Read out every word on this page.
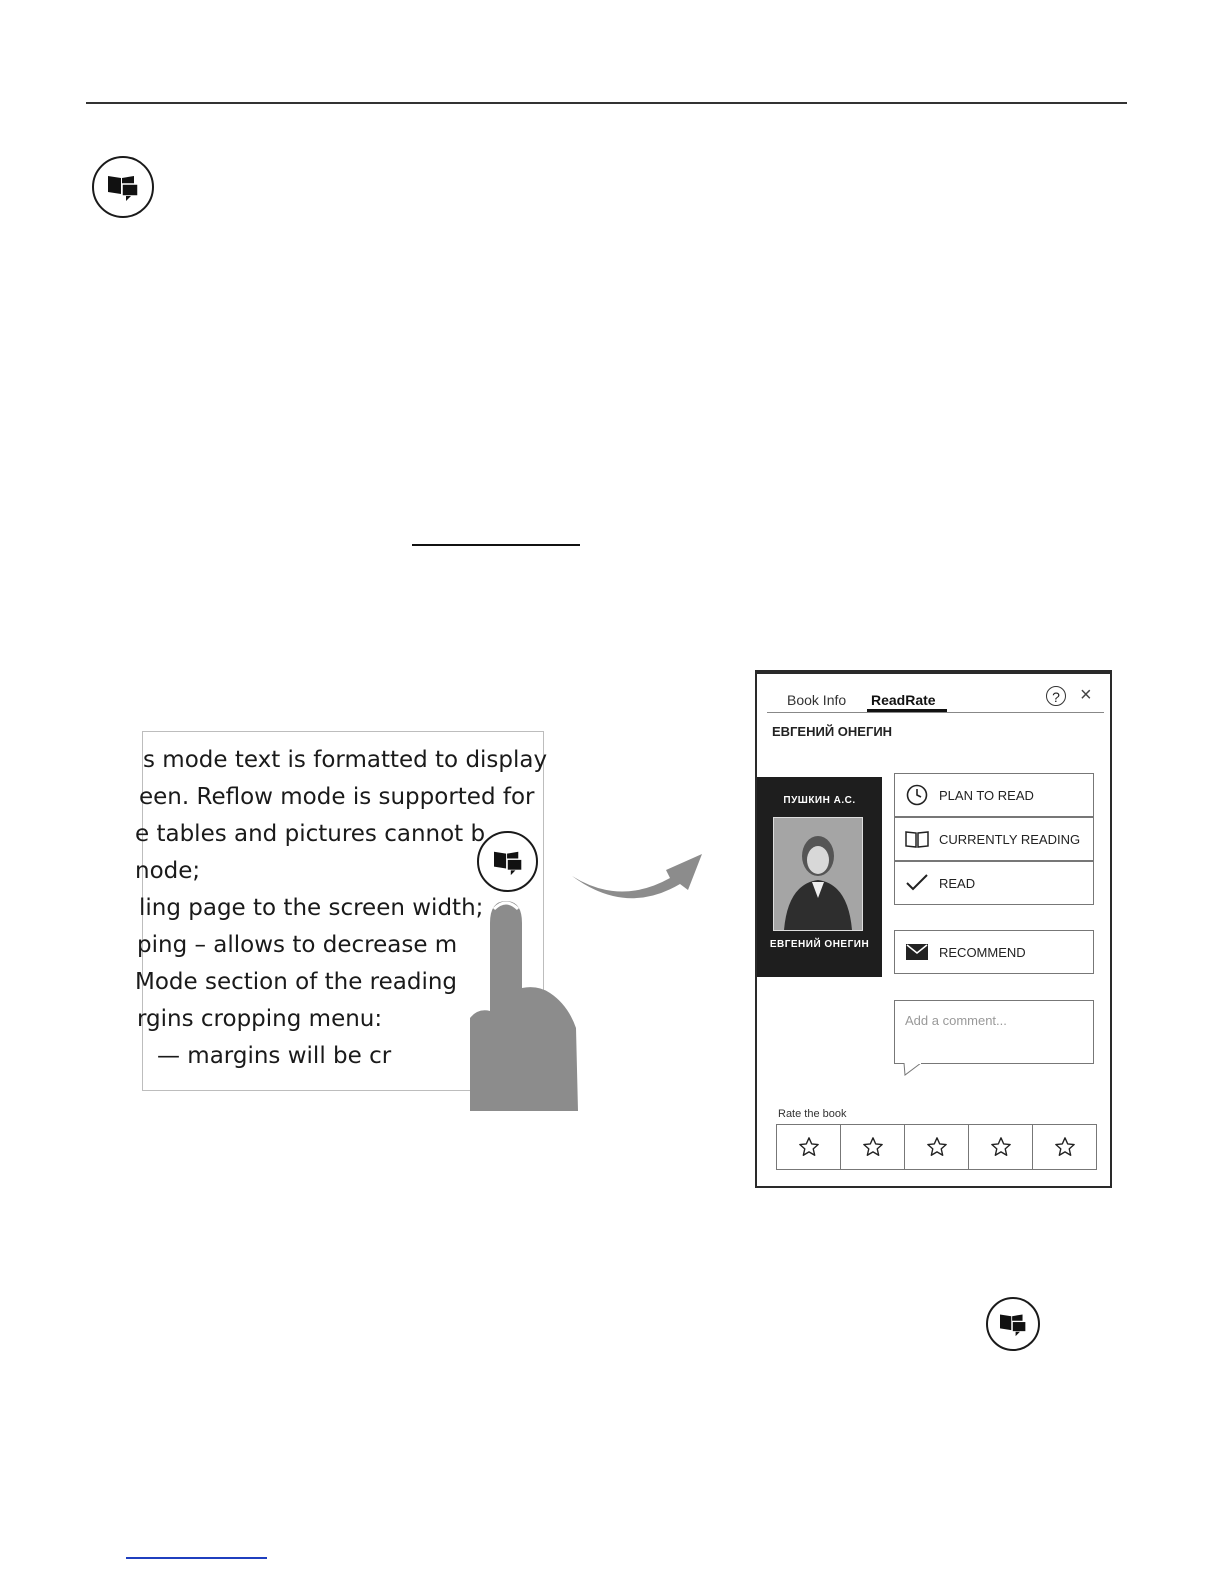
s mode text is formatted to display
een. Reflow mode is supported for
e tables and pictures cannot b
node;
ling page to the screen width;
ping – allows to decrease m
Mode section of the reading
rgins cropping menu:
— margins will be cr
Book Info ReadRate	?	×
ЕВГЕНИЙ ОНЕГИН
ПУШКИН А.С.
ЕВГЕНИЙ ОНЕГИН
PLAN TO READ
CURRENTLY READING
READ
RECOMMEND
Add a comment...
Rate the book
